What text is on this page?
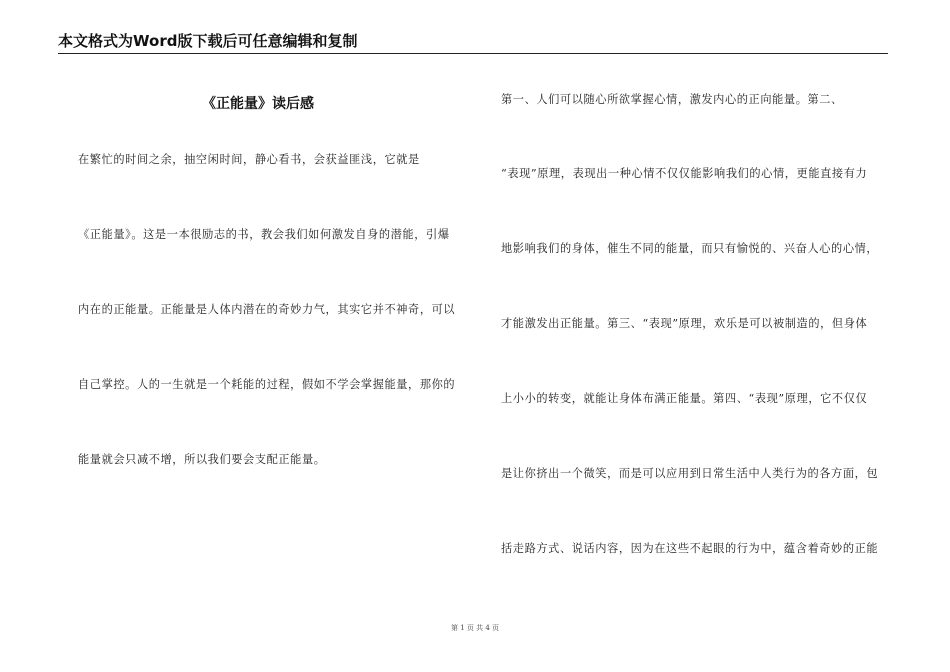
本文格式为Word版下载后可任意编辑和复制
《正能量》读后感
在繁忙的时间之余，抽空闲时间，静心看书，会获益匪浅，它就是
《正能量》。这是一本很励志的书，教会我们如何激发自身的潜能，引爆
内在的正能量。正能量是人体内潜在的奇妙力气，其实它并不神奇，可以
自己掌控。人的一生就是一个耗能的过程，假如不学会掌握能量，那你的
能量就会只减不增，所以我们要会支配正能量。
第一、人们可以随心所欲掌握心情，激发内心的正向能量。第二、
“表现”原理，表现出一种心情不仅仅能影响我们的心情，更能直接有力
地影响我们的身体，催生不同的能量，而只有愉悦的、兴奋人心的心情，
才能激发出正能量。第三、“表现”原理，欢乐是可以被制造的，但身体
上小小的转变，就能让身体布满正能量。第四、“表现”原理，它不仅仅
是让你挤出一个微笑，而是可以应用到日常生活中人类行为的各方面，包
括走路方式、说话内容，因为在这些不起眼的行为中，蕴含着奇妙的正能
第 1 页 共 4 页
